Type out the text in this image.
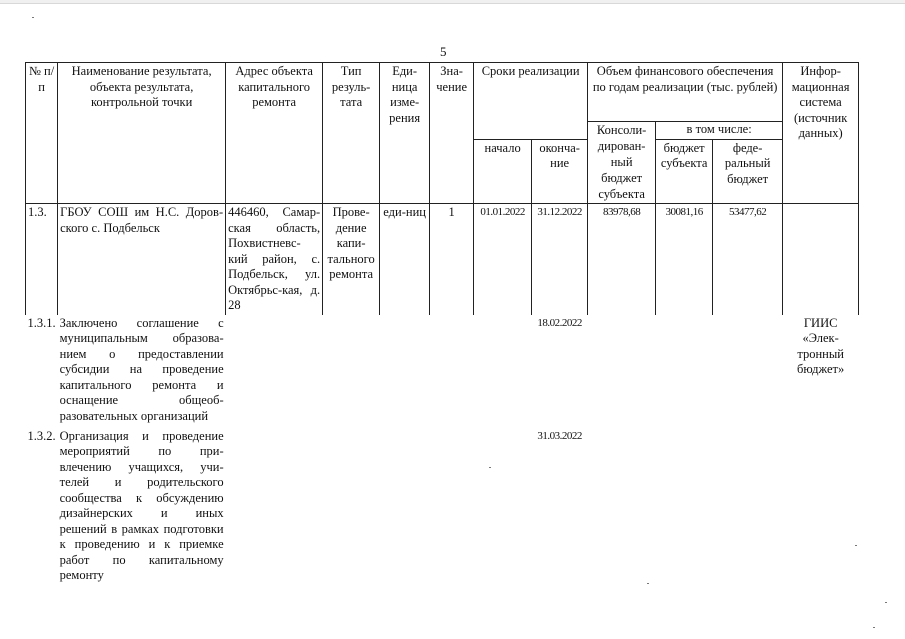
5
№ п/п	Наименование результата, объекта результата, контрольной точки	Адрес объекта капитального ремонта	Тип резуль-тата	Еди-ница изме-рения	Зна-чение	Сроки реализации		Объем финансового обеспечения по годам реализации (тыс. рублей)			Инфор-мационная система (источник данных)
								Консоли-дирован-ный бюджет субъекта	в том числе:		
						начало	оконча-ние		бюджет субъекта	феде-ральный бюджет	
1.3.	ГБОУ СОШ им Н.С. Доров-ского с. Подбельск	446460, Самар-ская область, Похвистневс-кий район, с. Подбельск, ул. Октябрьс-кая, д. 28	Прове-дение капи-тального ремонта	еди-ниц	1	01.01.2022	31.12.2022	83978,68	30081,16	53477,62	
1.3.1.	Заключено соглашение с муниципальным образова-нием о предоставлении субсидии на проведение капитального ремонта и оснащение общеоб-разовательных организаций						18.02.2022				ГИИС «Элек-тронный бюджет»
1.3.2.	Организация и проведение мероприятий по при-влечению учащихся, учи-телей и родительского сообщества к обсуждению дизайнерских и иных решений в рамках подготовки к проведению и к приемке работ по капитальному ремонту						31.03.2022				
